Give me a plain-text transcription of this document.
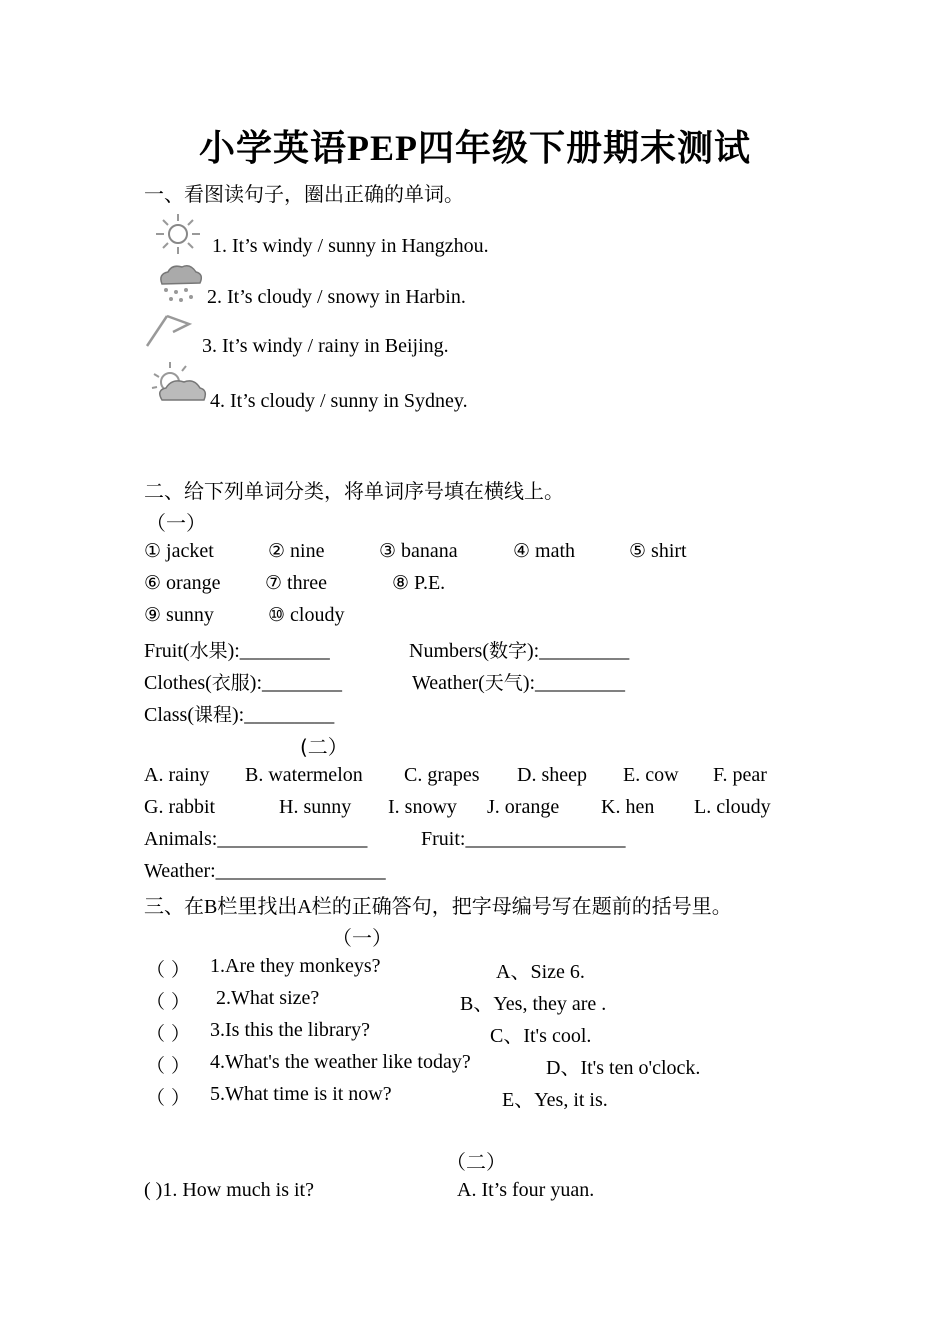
小学英语PEP四年级下册期末测试
一、看图读句子，圈出正确的单词。
1. It’s windy / sunny in Hangzhou.
2. It’s cloudy / snowy in Harbin.
3. It’s windy / rainy in Beijing.
4. It’s cloudy / sunny in Sydney.
二、给下列单词分类，将单词序号填在横线上。
（一）
① jacket	② nine	③ banana	④ math	⑤ shirt
⑥ orange ⑦ three	⑧ P.E.
⑨ sunny	⑩ cloudy
Fruit(水果):_________	Numbers(数字):_________
Clothes(衣服):________	Weather(天气):_________
Class(课程):_________
(二）
A. rainy B. watermelon C. grapes D. sheep E. cow F. pear
G. rabbit	H. sunny I. snowy J. orange K. hen L. cloudy
Animals:_______________	Fruit:________________
Weather:_________________
三、在B栏里找出A栏的正确答句，把字母编号写在题前的括号里。
（一）
（ ） 1.Are they monkeys?	A、Size 6.
（ ） 2.What size?	B、Yes, they are .
（ ） 3.Is this the library?	C、It's cool.
（ ） 4.What's the weather like today?	D、It's ten o'clock.
（ ） 5.What time is it now?	E、Yes, it is.
（二）
( )1. How much is it?	A. It’s four yuan.
